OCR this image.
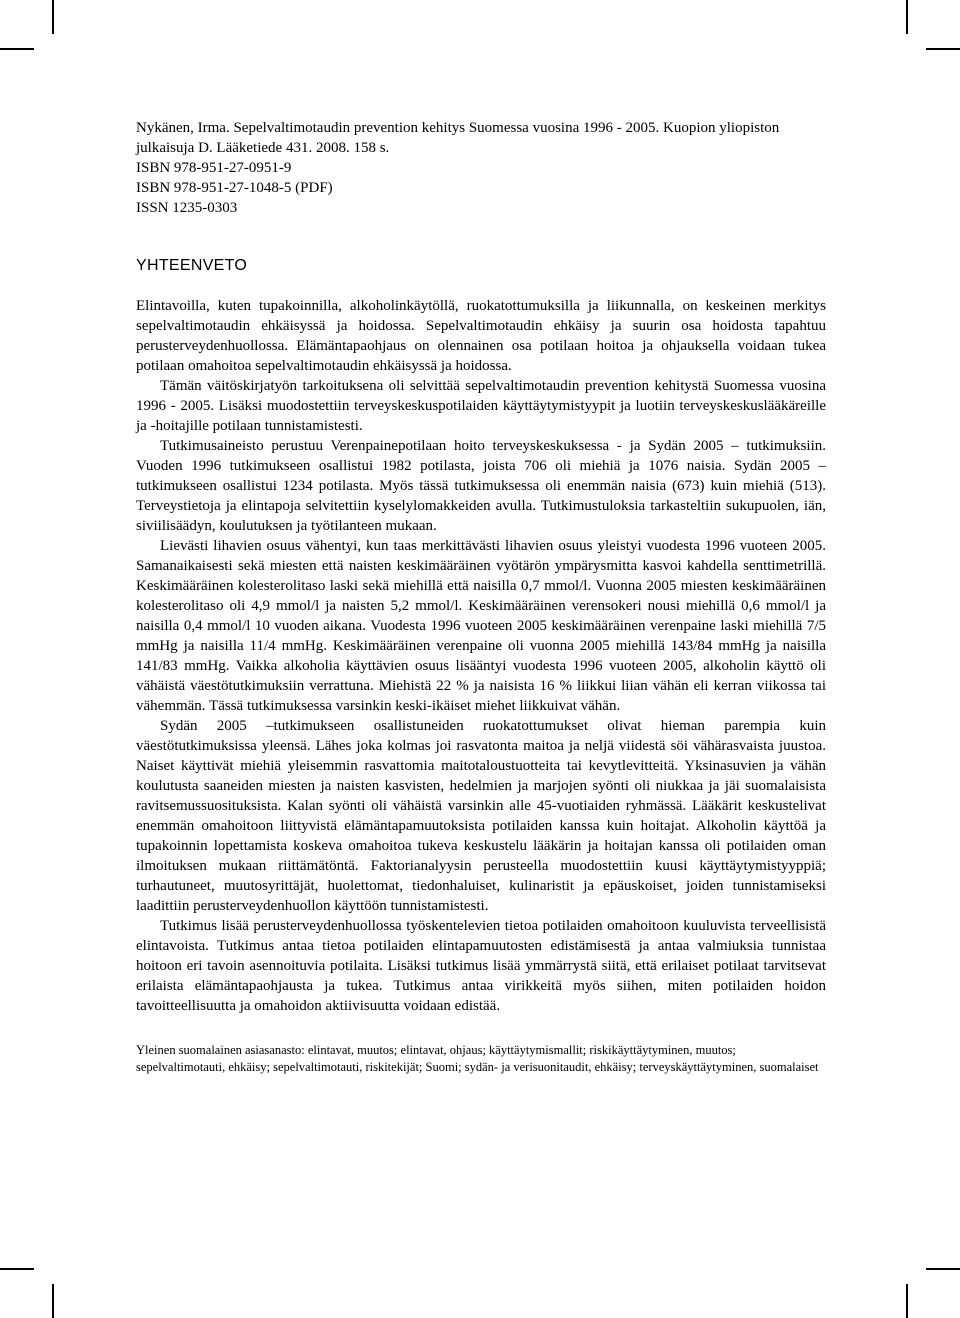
Nykänen, Irma. Sepelvaltimotaudin prevention kehitys Suomessa vuosina 1996 - 2005. Kuopion yliopiston julkaisuja D. Lääketiede 431. 2008. 158 s.
ISBN 978-951-27-0951-9
ISBN 978-951-27-1048-5 (PDF)
ISSN 1235-0303
YHTEENVETO

Elintavoilla, kuten tupakoinnilla, alkoholinkäytöllä, ruokatottumuksilla ja liikunnalla, on keskeinen merkitys sepelvaltimotaudin ehkäisyssä ja hoidossa. Sepelvaltimotaudin ehkäisy ja suurin osa hoidosta tapahtuu perusterveydenhuollossa. Elämäntapaohjaus on olennainen osa potilaan hoitoa ja ohjauksella voidaan tukea potilaan omahoitoa sepelvaltimotaudin ehkäisyssä ja hoidossa.

Tämän väitöskirjatyön tarkoituksena oli selvittää sepelvaltimotaudin prevention kehitystä Suomessa vuosina 1996 - 2005. Lisäksi muodostettiin terveyskeskuspotilaiden käyttäytymistyypit ja luotiin terveyskeskuslääkäreille ja -hoitajille potilaan tunnistamistesti.

Tutkimusaineisto perustuu Verenpainepotilaan hoito terveyskeskuksessa - ja Sydän 2005 – tutkimuksiin. Vuoden 1996 tutkimukseen osallistui 1982 potilasta, joista 706 oli miehiä ja 1076 naisia. Sydän 2005 –tutkimukseen osallistui 1234 potilasta. Myös tässä tutkimuksessa oli enemmän naisia (673) kuin miehiä (513). Terveystietoja ja elintapoja selvitettiin kyselylomakkeiden avulla. Tutkimustuloksia tarkasteltiin sukupuolen, iän, siviilisäädyn, koulutuksen ja työtilanteen mukaan.

Lievästi lihavien osuus vähentyi, kun taas merkittävästi lihavien osuus yleistyi vuodesta 1996 vuoteen 2005. Samanaikaisesti sekä miesten että naisten keskimääräinen vyötärön ympärysmitta kasvoi kahdella senttimetrillä. Keskimääräinen kolesterolitaso laski sekä miehillä että naisilla 0,7 mmol/l. Vuonna 2005 miesten keskimääräinen kolesterolitaso oli 4,9 mmol/l ja naisten 5,2 mmol/l. Keskimääräinen verensokeri nousi miehillä 0,6 mmol/l ja naisilla 0,4 mmol/l 10 vuoden aikana. Vuodesta 1996 vuoteen 2005 keskimääräinen verenpaine laski miehillä 7/5 mmHg ja naisilla 11/4 mmHg. Keskimääräinen verenpaine oli vuonna 2005 miehillä 143/84 mmHg ja naisilla 141/83 mmHg. Vaikka alkoholia käyttävien osuus lisääntyi vuodesta 1996 vuoteen 2005, alkoholin käyttö oli vähäistä väestötutkimuksiin verrattuna. Miehistä 22 % ja naisista 16 % liikkui liian vähän eli kerran viikossa tai vähemmän. Tässä tutkimuksessa varsinkin keski-ikäiset miehet liikkuivat vähän.

Sydän 2005 –tutkimukseen osallistuneiden ruokatottumukset olivat hieman parempia kuin väestötutkimuksissa yleensä. Lähes joka kolmas joi rasvatonta maitoa ja neljä viidestä söi vähärasvaista juustoa. Naiset käyttivät miehiä yleisemmin rasvattomia maitotaloustuotteita tai kevytlevitteitä. Yksinasuvien ja vähän koulutusta saaneiden miesten ja naisten kasvisten, hedelmien ja marjojen syönti oli niukkaa ja jäi suomalaisista ravitsemussuosituksista. Kalan syönti oli vähäistä varsinkin alle 45-vuotiaiden ryhmässä. Lääkärit keskustelivat enemmän omahoitoon liittyvistä elämäntapamuutoksista potilaiden kanssa kuin hoitajat. Alkoholin käyttöä ja tupakoinnin lopettamista koskeva omahoitoa tukeva keskustelu lääkärin ja hoitajan kanssa oli potilaiden oman ilmoituksen mukaan riittämätöntä. Faktorianalyysin perusteella muodostettiin kuusi käyttäytymistyyppiä; turhautuneet, muutosyrittäjät, huolettomat, tiedonhaluiset, kulinaristit ja epäuskoiset, joiden tunnistamiseksi laadittiin perusterveydenhuollon käyttöön tunnistamistesti.

Tutkimus lisää perusterveydenhuollossa työskentelevien tietoa potilaiden omahoitoon kuuluvista terveellisistä elintavoista. Tutkimus antaa tietoa potilaiden elintapamuutosten edistämisestä ja antaa valmiuksia tunnistaa hoitoon eri tavoin asennoituvia potilaita. Lisäksi tutkimus lisää ymmärrystä siitä, että erilaiset potilaat tarvitsevat erilaista elämäntapaohjausta ja tukea. Tutkimus antaa virikkeitä myös siihen, miten potilaiden hoidon tavoitteellisuutta ja omahoidon aktiivisuutta voidaan edistää.

Yleinen suomalainen asiasanasto: elintavat, muutos; elintavat, ohjaus; käyttäytymismallit; riskikäyttäytyminen, muutos; sepelvaltimotauti, ehkäisy; sepelvaltimotauti, riskitekijät; Suomi; sydän- ja verisuonitaudit, ehkäisy; terveyskäyttäytyminen, suomalaiset
